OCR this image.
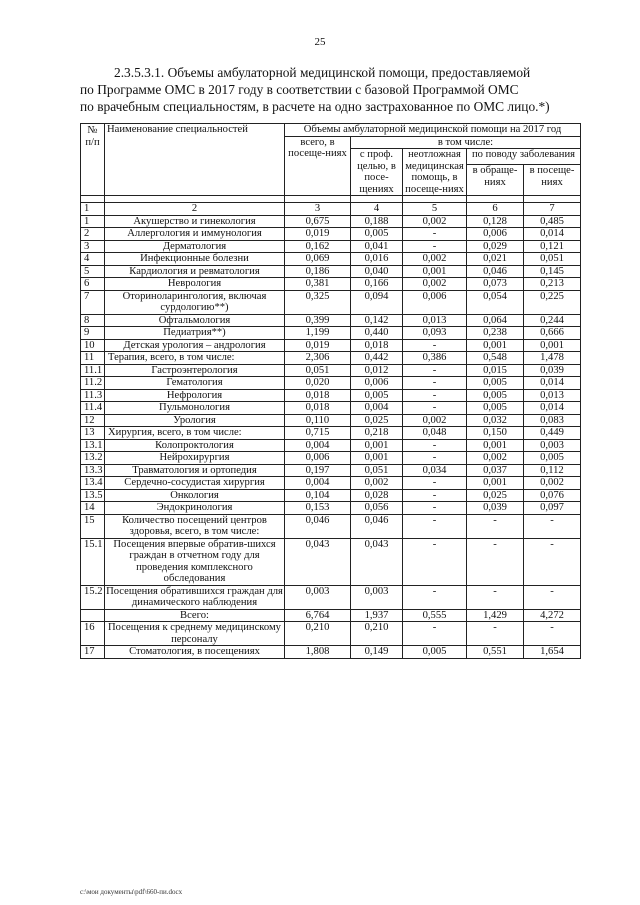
25
2.3.5.3.1. Объемы амбулаторной медицинской помощи, предоставляемой
по Программе ОМС в 2017 году в соответствии с базовой Программой ОМС
по врачебным специальностям, в расчете на одно застрахованное по ОМС лицо.*)
№ п/п	Наименование специальностей	Объемы амбулаторной медицинской помощи на 2017 год				
		всего, в посеще-ниях	в том числе:			
			с проф. целью, в посе-щениях	неотложная медицинская помощь, в посеще-ниях	по поводу заболевания	
					в обраще-ниях	в посеще-ниях

1	2	3	4	5	6	7
1	Акушерство и гинекология	0,675	0,188	0,002	0,128	0,485
2	Аллергология и иммунология	0,019	0,005	-	0,006	0,014
3	Дерматология	0,162	0,041	-	0,029	0,121
4	Инфекционные болезни	0,069	0,016	0,002	0,021	0,051
5	Кардиология и ревматология	0,186	0,040	0,001	0,046	0,145
6	Неврология	0,381	0,166	0,002	0,073	0,213
7	Оториноларингология, включая сурдологию**)	0,325	0,094	0,006	0,054	0,225
8	Офтальмология	0,399	0,142	0,013	0,064	0,244
9	Педиатрия**)	1,199	0,440	0,093	0,238	0,666
10	Детская урология – андрология	0,019	0,018	-	0,001	0,001
11	Терапия, всего, в том числе:	2,306	0,442	0,386	0,548	1,478
11.1	Гастроэнтерология	0,051	0,012	-	0,015	0,039
11.2	Гематология	0,020	0,006	-	0,005	0,014
11.3	Нефрология	0,018	0,005	-	0,005	0,013
11.4	Пульмонология	0,018	0,004	-	0,005	0,014
12	Урология	0,110	0,025	0,002	0,032	0,083
13	Хирургия, всего, в том числе:	0,715	0,218	0,048	0,150	0,449
13.1	Колопроктология	0,004	0,001	-	0,001	0,003
13.2	Нейрохирургия	0,006	0,001	-	0,002	0,005
13.3	Травматология и ортопедия	0,197	0,051	0,034	0,037	0,112
13.4	Сердечно-сосудистая хирургия	0,004	0,002	-	0,001	0,002
13.5	Онкология	0,104	0,028	-	0,025	0,076
14	Эндокринология	0,153	0,056	-	0,039	0,097
15	Количество посещений центров здоровья, всего, в том числе:	0,046	0,046	-	-	-
15.1	Посещения впервые обратив-шихся граждан в отчетном году для проведения комплексного обследования	0,043	0,043	-	-	-
15.2	Посещения обратившихся граждан для динамического наблюдения	0,003	0,003	-	-	-
	Всего:	6,764	1,937	0,555	1,429	4,272
16	Посещения к среднему медицинскому персоналу	0,210	0,210	-	-	-
17	Стоматология, в посещениях	1,808	0,149	0,005	0,551	1,654
c:\мои документы\pdf\660-пи.docx
